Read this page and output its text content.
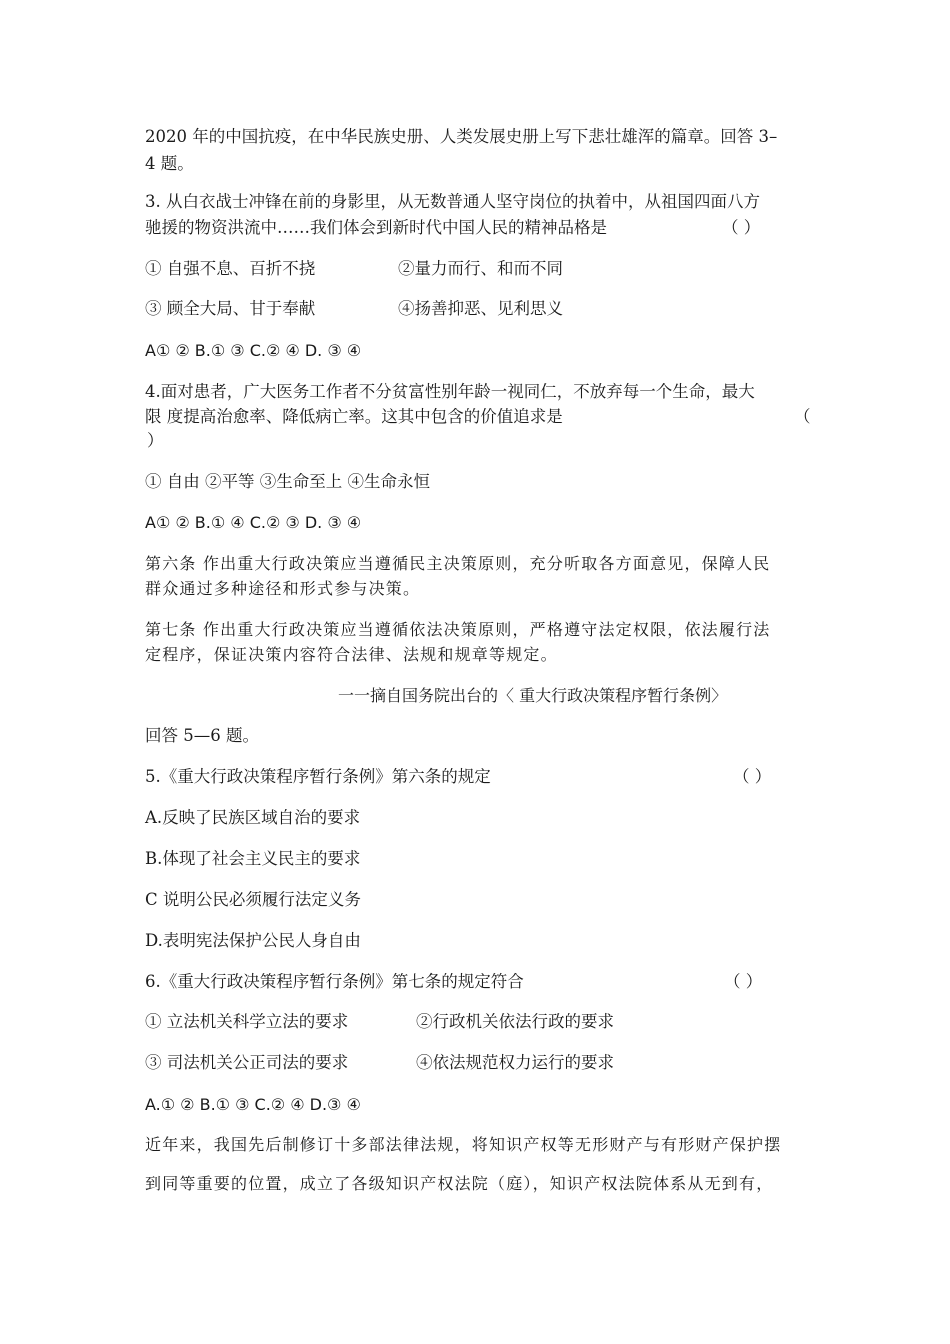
2020 年的中国抗疫，在中华民族史册、人类发展史册上写下悲壮雄浑的篇章。回答 3–
4 题。
3. 从白衣战士冲锋在前的身影里，从无数普通人坚守岗位的执着中，从祖国四面八方
驰援的物资洪流中……我们体会到新时代中国人民的精神品格是	（ ）
① 自强不息、百折不挠	②量力而行、和而不同
③ 顾全大局、甘于奉献	④扬善抑恶、见利思义
A① ② B.① ③ C.② ④ D. ③ ④
4.面对患者，广大医务工作者不分贫富性别年龄一视同仁，不放弃每一个生命，最大
限 度提高治愈率、降低病亡率。这其中包含的价值追求是	（
）
① 自由 ②平等 ③生命至上 ④生命永恒
A① ② B.① ④ C.② ③ D. ③ ④
第六条 作出重大行政决策应当遵循民主决策原则，充分听取各方面意见，保障人民
群众通过多种途径和形式参与决策。
第七条 作出重大行政决策应当遵循依法决策原则，严格遵守法定权限，依法履行法
定程序，保证决策内容符合法律、法规和规章等规定。
一一摘自国务院出台的〈 重大行政决策程序暂行条例〉
回答 5—6 题。
5.《重大行政决策程序暂行条例》第六条的规定	（ ）
A.反映了民族区域自治的要求
B.体现了社会主义民主的要求
C 说明公民必须履行法定义务
D.表明宪法保护公民人身自由
6.《重大行政决策程序暂行条例》第七条的规定符合	（ ）
① 立法机关科学立法的要求	②行政机关依法行政的要求
③ 司法机关公正司法的要求	④依法规范权力运行的要求
A.① ② B.① ③ C.② ④ D.③ ④
近年来，我国先后制修订十多部法律法规，将知识产权等无形财产与有形财产保护摆
到同等重要的位置，成立了各级知识产权法院（庭），知识产权法院体系从无到有，
